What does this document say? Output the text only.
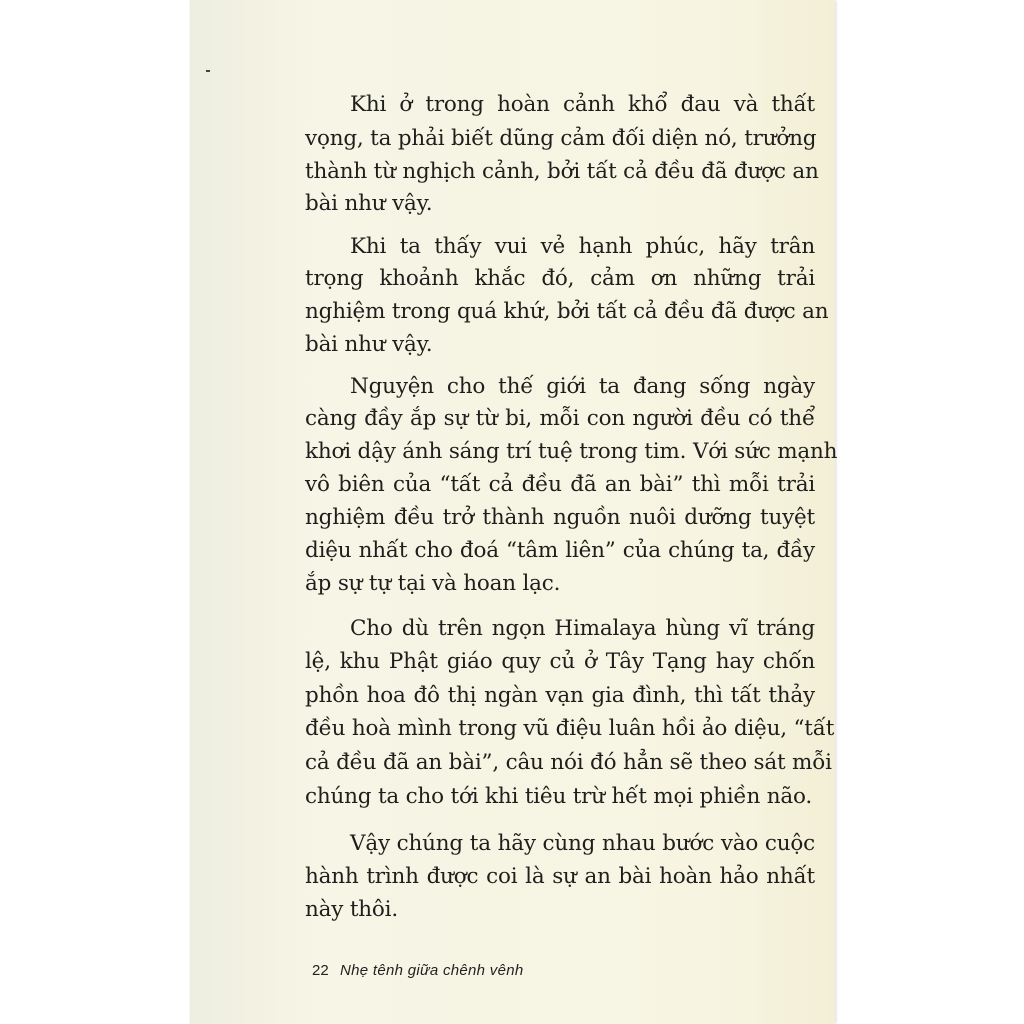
Khi ở trong hoàn cảnh khổ đau và thất
vọng, ta phải biết dũng cảm đối diện nó, trưởng
thành từ nghịch cảnh, bởi tất cả đều đã được an
bài như vậy.
Khi ta thấy vui vẻ hạnh phúc, hãy trân
trọng khoảnh khắc đó, cảm ơn những trải
nghiệm trong quá khứ, bởi tất cả đều đã được an
bài như vậy.
Nguyện cho thế giới ta đang sống ngày
càng đầy ắp sự từ bi, mỗi con người đều có thể
khơi dậy ánh sáng trí tuệ trong tim. Với sức mạnh
vô biên của “tất cả đều đã an bài” thì mỗi trải
nghiệm đều trở thành nguồn nuôi dưỡng tuyệt
diệu nhất cho đoá “tâm liên” của chúng ta, đầy
ắp sự tự tại và hoan lạc.
Cho dù trên ngọn Himalaya hùng vĩ tráng
lệ, khu Phật giáo quy củ ở Tây Tạng hay chốn
phồn hoa đô thị ngàn vạn gia đình, thì tất thảy
đều hoà mình trong vũ điệu luân hồi ảo diệu, “tất
cả đều đã an bài”, câu nói đó hẳn sẽ theo sát mỗi
chúng ta cho tới khi tiêu trừ hết mọi phiền não.
Vậy chúng ta hãy cùng nhau bước vào cuộc
hành trình được coi là sự an bài hoàn hảo nhất
này thôi.
22 Nhẹ tênh giữa chênh vênh
